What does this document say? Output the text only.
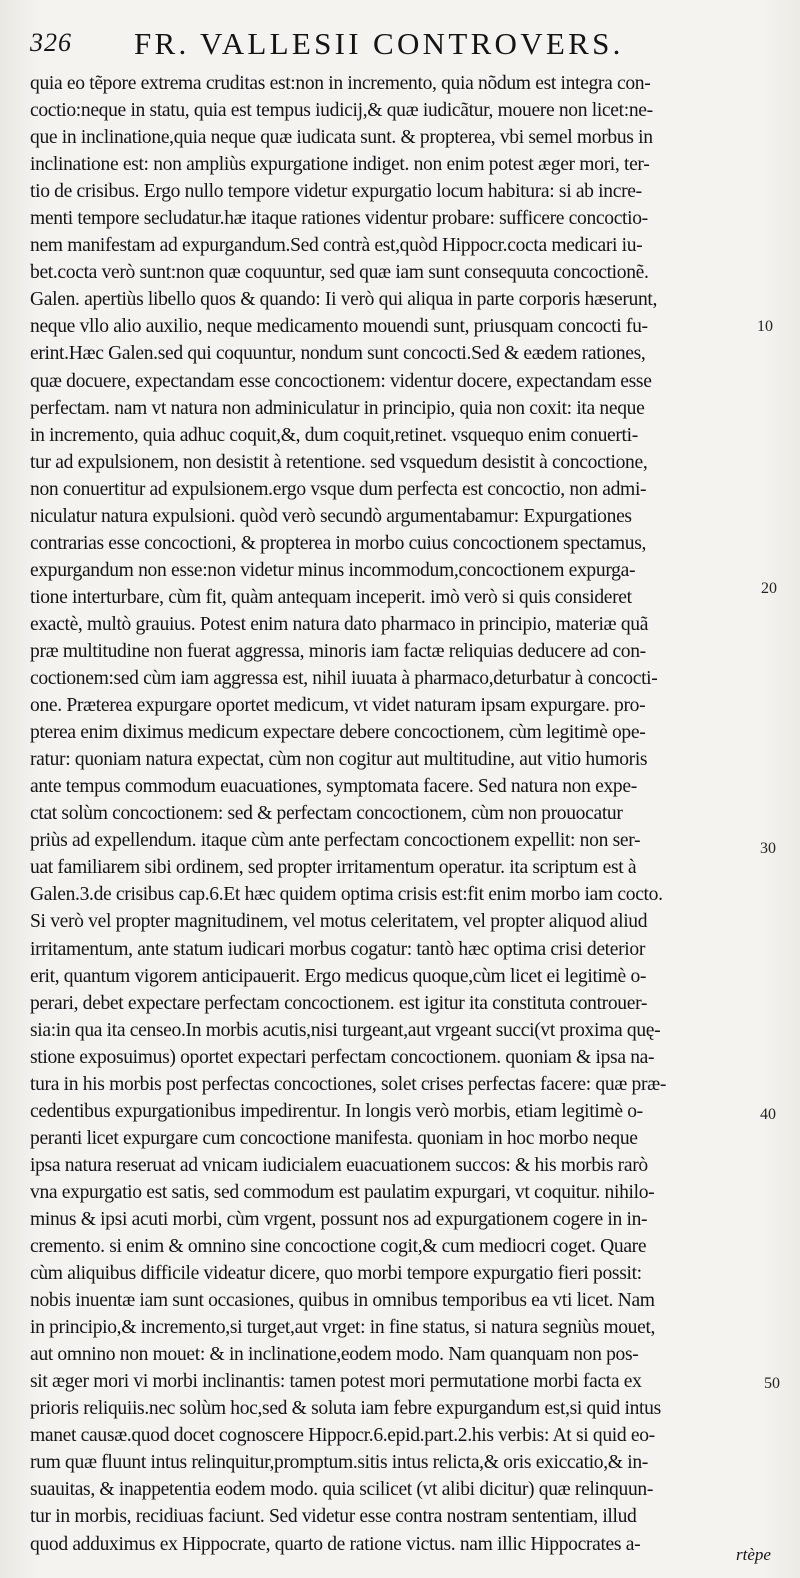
326 FR. VALLESII CONTROVERS.
quia eo tẽpore extrema cruditas est:non in incremento, quia nõdum est integra con-
coctio:neque in statu, quia est tempus iudicij,& quæ iudicãtur, mouere non licet:ne-
que in inclinatione,quia neque quæ iudicata sunt. & propterea, vbi semel morbus in
inclinatione est: non ampliùs expurgatione indiget. non enim potest æger mori, ter-
tio de crisibus. Ergo nullo tempore videtur expurgatio locum habitura: si ab incre-
menti tempore secludatur.hæ itaque rationes videntur probare: sufficere concoctio-
nem manifestam ad expurgandum.Sed contrà est,quòd Hippocr.cocta medicari iu-
bet.cocta verò sunt:non quæ coquuntur, sed quæ iam sunt consequuta concoctionẽ.
Galen. apertiùs libello quos & quando: Ii verò qui aliqua in parte corporis hæserunt,
neque vllo alio auxilio, neque medicamento mouendi sunt, priusquam concocti fu-
erint.Hæc Galen.sed qui coquuntur, nondum sunt concocti.Sed & eædem rationes,
quæ docuere, expectandam esse concoctionem: videntur docere, expectandam esse
perfectam. nam vt natura non adminiculatur in principio, quia non coxit: ita neque
in incremento, quia adhuc coquit,&, dum coquit,retinet. vsquequo enim conuerti-
tur ad expulsionem, non desistit à retentione. sed vsquedum desistit à concoctione,
non conuertitur ad expulsionem.ergo vsque dum perfecta est concoctio, non admi-
niculatur natura expulsioni. quòd verò secundò argumentabamur: Expurgationes
contrarias esse concoctioni, & propterea in morbo cuius concoctionem spectamus,
expurgandum non esse:non videtur minus incommodum,concoctionem expurga-
tione interturbare, cùm fit, quàm antequam inceperit. imò verò si quis consideret
exactè, multò grauius. Potest enim natura dato pharmaco in principio, materiæ quã
præ multitudine non fuerat aggressa, minoris iam factæ reliquias deducere ad con-
coctionem:sed cùm iam aggressa est, nihil iuuata à pharmaco,deturbatur à concocti-
one. Præterea expurgare oportet medicum, vt videt naturam ipsam expurgare. pro-
pterea enim diximus medicum expectare debere concoctionem, cùm legitimè ope-
ratur: quoniam natura expectat, cùm non cogitur aut multitudine, aut vitio humoris
ante tempus commodum euacuationes, symptomata facere. Sed natura non expe-
ctat solùm concoctionem: sed & perfectam concoctionem, cùm non prouocatur
priùs ad expellendum. itaque cùm ante perfectam concoctionem expellit: non ser-
uat familiarem sibi ordinem, sed propter irritamentum operatur. ita scriptum est à
Galen.3.de crisibus cap.6.Et hæc quidem optima crisis est:fit enim morbo iam cocto.
Si verò vel propter magnitudinem, vel motus celeritatem, vel propter aliquod aliud
irritamentum, ante statum iudicari morbus cogatur: tantò hæc optima crisi deterior
erit, quantum vigorem anticipauerit. Ergo medicus quoque,cùm licet ei legitimè o-
perari, debet expectare perfectam concoctionem. est igitur ita constituta controuer-
sia:in qua ita censeo.In morbis acutis,nisi turgeant,aut vrgeant succi(vt proxima quę-
stione exposuimus) oportet expectari perfectam concoctionem. quoniam & ipsa na-
tura in his morbis post perfectas concoctiones, solet crises perfectas facere: quæ præ-
cedentibus expurgationibus impedirentur. In longis verò morbis, etiam legitimè o-
peranti licet expurgare cum concoctione manifesta. quoniam in hoc morbo neque
ipsa natura reseruat ad vnicam iudicialem euacuationem succos: & his morbis rarò
vna expurgatio est satis, sed commodum est paulatim expurgari, vt coquitur. nihilo-
minus & ipsi acuti morbi, cùm vrgent, possunt nos ad expurgationem cogere in in-
cremento. si enim & omnino sine concoctione cogit,& cum mediocri coget. Quare
cùm aliquibus difficile videatur dicere, quo morbi tempore expurgatio fieri possit:
nobis inuentæ iam sunt occasiones, quibus in omnibus temporibus ea vti licet. Nam
in principio,& incremento,si turget,aut vrget: in fine status, si natura segniùs mouet,
aut omnino non mouet: & in inclinatione,eodem modo. Nam quanquam non pos-
sit æger mori vi morbi inclinantis: tamen potest mori permutatione morbi facta ex
prioris reliquiis.nec solùm hoc,sed & soluta iam febre expurgandum est,si quid intus
manet causæ.quod docet cognoscere Hippocr.6.epid.part.2.his verbis: At si quid eo-
rum quæ fluunt intus relinquitur,promptum.sitis intus relicta,& oris exiccatio,& in-
suauitas, & inappetentia eodem modo. quia scilicet (vt alibi dicitur) quæ relinquun-
tur in morbis, recidiuas faciunt. Sed videtur esse contra nostram sententiam, illud
quod adduximus ex Hippocrate, quarto de ratione victus. nam illic Hippocrates a-
10
20
30
40
50
rtèpe
